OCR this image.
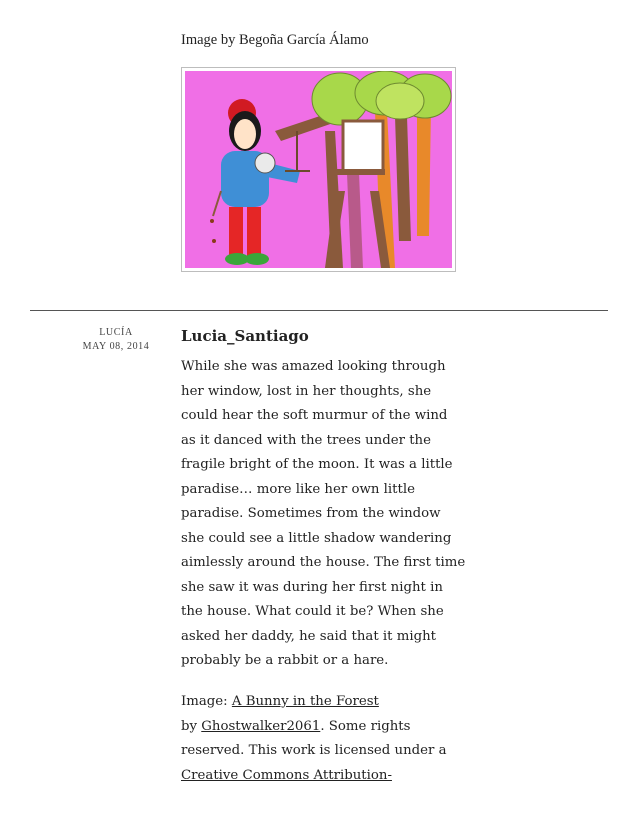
Image by Begoña García Álamo
LUCÍA
MAY 08, 2014
Lucia_Santiago

While she was amazed looking through her window, lost in her thoughts, she could hear the soft murmur of the wind as it danced with the trees under the fragile bright of the moon. It was a little paradise… more like her own little paradise. Sometimes from the window she could see a little shadow wandering aimlessly around the house. The first time she saw it was during her first night in the house. What could it be? When she asked her daddy, he said that it might probably be a rabbit or a hare.

Image: A Bunny in the Forest
by Ghostwalker2061. Some rights reserved. This work is licensed under a Creative Commons Attribution-
